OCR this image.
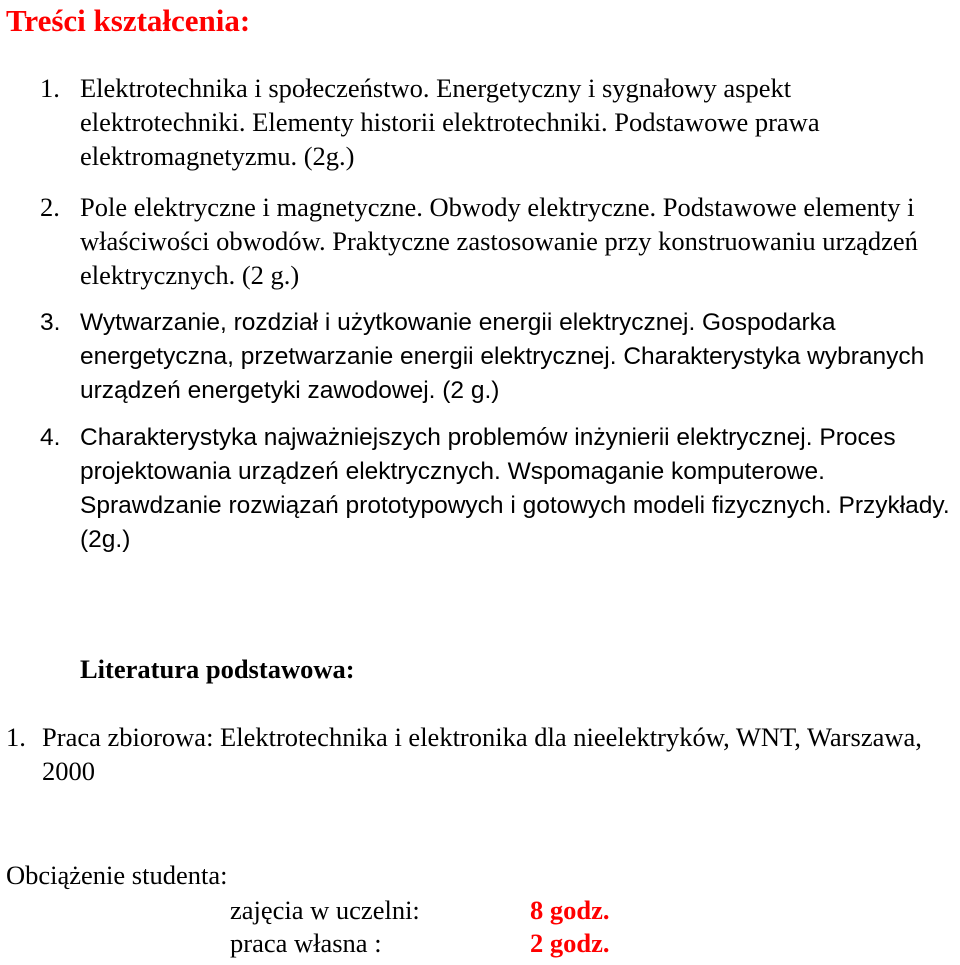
Treści kształcenia:
1. Elektrotechnika i społeczeństwo. Energetyczny i sygnałowy aspekt elektrotechniki. Elementy historii elektrotechniki. Podstawowe prawa elektromagnetyzmu. (2g.)
2. Pole elektryczne i magnetyczne. Obwody elektryczne. Podstawowe elementy i właściwości obwodów. Praktyczne zastosowanie przy konstruowaniu urządzeń elektrycznych. (2 g.)
3. Wytwarzanie, rozdział i użytkowanie energii elektrycznej. Gospodarka energetyczna, przetwarzanie energii elektrycznej. Charakterystyka wybranych urządzeń energetyki zawodowej. (2 g.)
4. Charakterystyka najważniejszych problemów inżynierii elektrycznej. Proces projektowania urządzeń elektrycznych. Wspomaganie komputerowe. Sprawdzanie rozwiązań prototypowych i gotowych modeli fizycznych. Przykłady. (2g.)
Literatura podstawowa:
1. Praca zbiorowa: Elektrotechnika i elektronika dla nieelektryków, WNT, Warszawa, 2000
Obciążenie studenta:
zajęcia w uczelni:	8 godz.
praca własna :	2 godz.
